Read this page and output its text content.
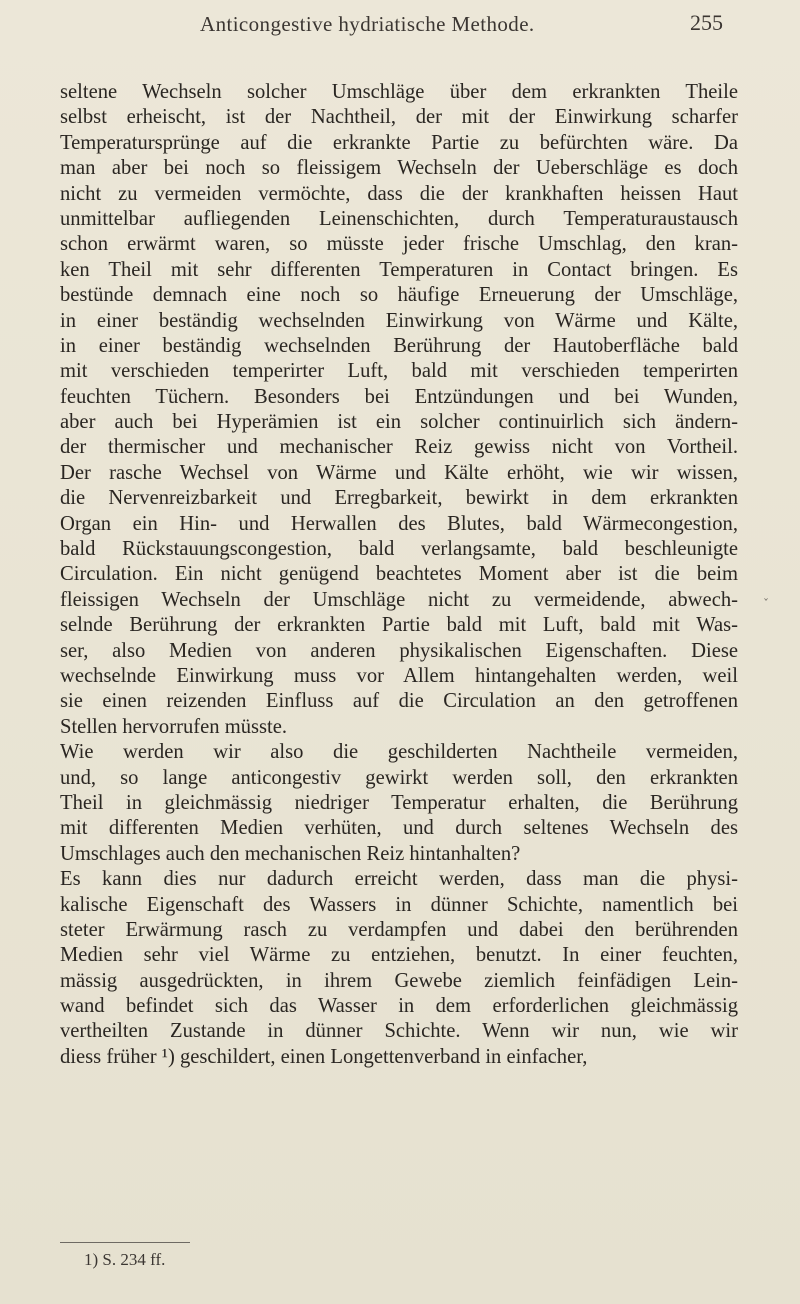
Anticongestive hydriatische Methode.	255
seltene Wechseln solcher Umschläge über dem erkrankten Theile
selbst erheischt, ist der Nachtheil, der mit der Einwirkung scharfer
Temperatursprünge auf die erkrankte Partie zu befürchten wäre. Da
man aber bei noch so fleissigem Wechseln der Ueberschläge es doch
nicht zu vermeiden vermöchte, dass die der krankhaften heissen Haut
unmittelbar aufliegenden Leinenschichten, durch Temperaturaustausch
schon erwärmt waren, so müsste jeder frische Umschlag, den kran-
ken Theil mit sehr differenten Temperaturen in Contact bringen. Es
bestünde demnach eine noch so häufige Erneuerung der Umschläge,
in einer beständig wechselnden Einwirkung von Wärme und Kälte,
in einer beständig wechselnden Berührung der Hautoberfläche bald
mit verschieden temperirter Luft, bald mit verschieden temperirten
feuchten Tüchern. Besonders bei Entzündungen und bei Wunden,
aber auch bei Hyperämien ist ein solcher continuirlich sich ändern-
der thermischer und mechanischer Reiz gewiss nicht von Vortheil.
Der rasche Wechsel von Wärme und Kälte erhöht, wie wir wissen,
die Nervenreizbarkeit und Erregbarkeit, bewirkt in dem erkrankten
Organ ein Hin- und Herwallen des Blutes, bald Wärmecongestion,
bald Rückstauungscongestion, bald verlangsamte, bald beschleunigte
Circulation. Ein nicht genügend beachtetes Moment aber ist die beim
fleissigen Wechseln der Umschläge nicht zu vermeidende, abwech-
selnde Berührung der erkrankten Partie bald mit Luft, bald mit Was-
ser, also Medien von anderen physikalischen Eigenschaften. Diese
wechselnde Einwirkung muss vor Allem hintangehalten werden, weil
sie einen reizenden Einfluss auf die Circulation an den getroffenen
Stellen hervorrufen müsste.
Wie werden wir also die geschilderten Nachtheile vermeiden,
und, so lange anticongestiv gewirkt werden soll, den erkrankten
Theil in gleichmässig niedriger Temperatur erhalten, die Berührung
mit differenten Medien verhüten, und durch seltenes Wechseln des
Umschlages auch den mechanischen Reiz hintanhalten?
Es kann dies nur dadurch erreicht werden, dass man die physi-
kalische Eigenschaft des Wassers in dünner Schichte, namentlich bei
steter Erwärmung rasch zu verdampfen und dabei den berührenden
Medien sehr viel Wärme zu entziehen, benutzt. In einer feuchten,
mässig ausgedrückten, in ihrem Gewebe ziemlich feinfädigen Lein-
wand befindet sich das Wasser in dem erforderlichen gleichmässig
vertheilten Zustande in dünner Schichte. Wenn wir nun, wie wir
diess früher ¹) geschildert, einen Longettenverband in einfacher,
ˇ
1) S. 234 ff.
